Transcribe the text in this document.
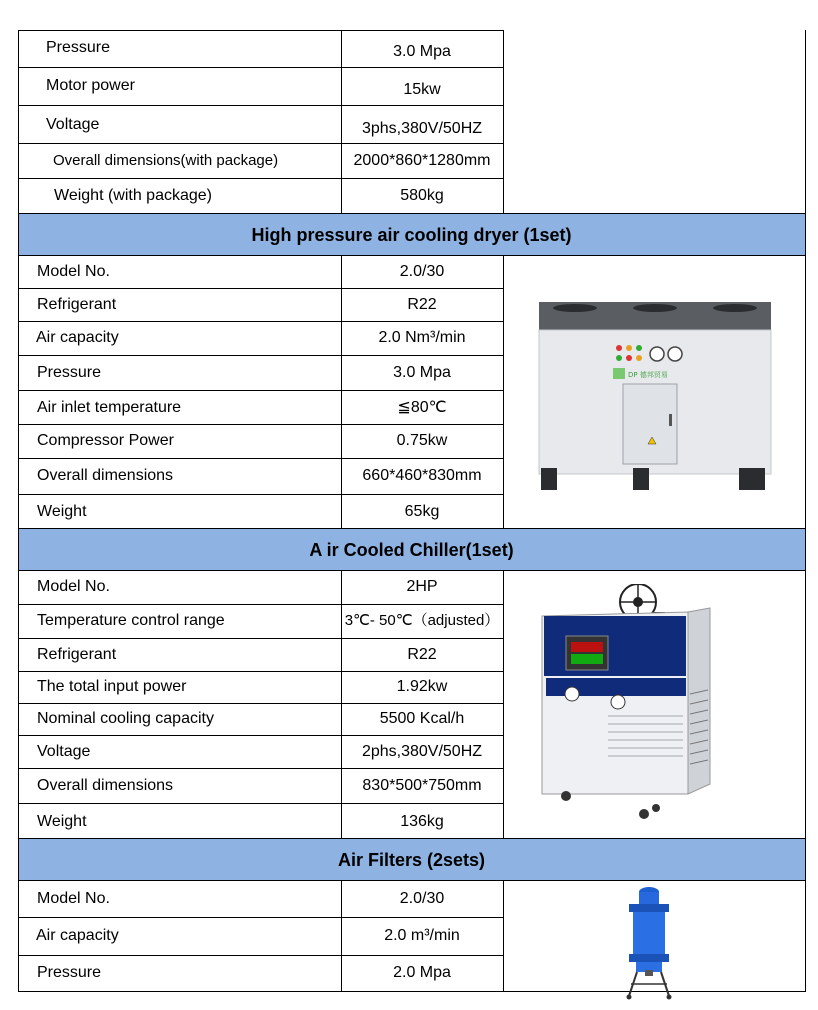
High pressure air cooling dryer (1set)
A ir Cooled Chiller(1set)
Air Filters (2sets)
Pressure	3.0 Mpa
Motor power	15kw
Voltage	3phs,380V/50HZ
Overall dimensions(with package)	2000*860*1280mm
Weight (with package)	580kg
Model No.	2.0/30
Refrigerant	R22
Air capacity	2.0 Nm³/min
Pressure	3.0 Mpa
Air inlet temperature	≦80℃
Compressor Power	0.75kw
Overall dimensions	660*460*830mm
Weight	65kg
Model No.	2HP
Temperature control range	3℃- 50℃（adjusted）
Refrigerant	R22
The total input power	1.92kw
Nominal cooling capacity	5500 Kcal/h
Voltage	2phs,380V/50HZ
Overall dimensions	830*500*750mm
Weight	136kg
Model No.	2.0/30
Air capacity	2.0 m³/min
Pressure	2.0 Mpa
DP 德邦贸易
